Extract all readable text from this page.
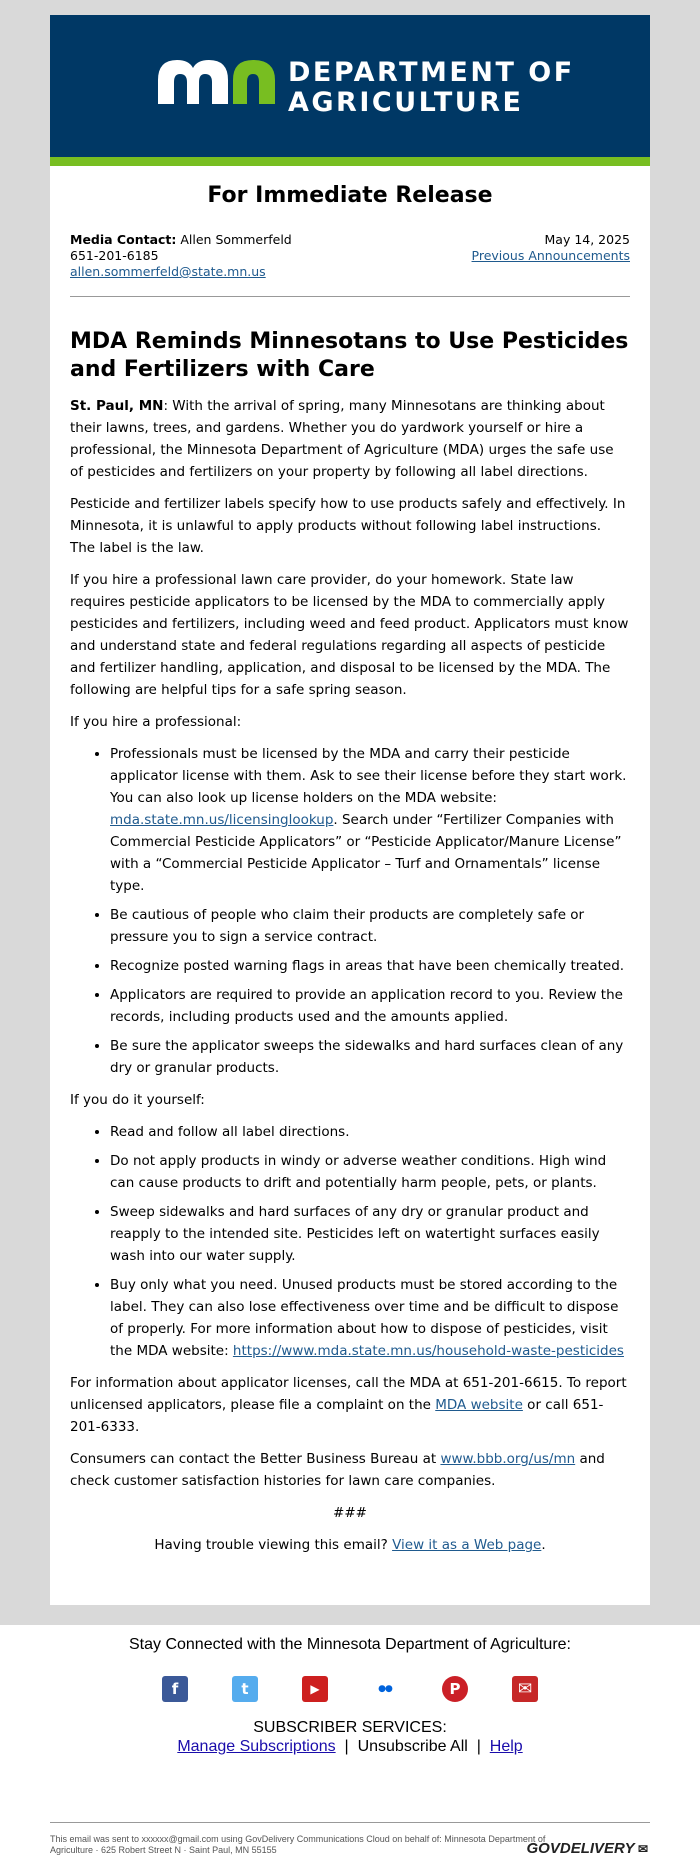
DEPARTMENT OF
AGRICULTURE
For Immediate Release
Media Contact: Allen Sommerfeld
651-201-6185
allen.sommerfeld@state.mn.us
May 14, 2025
Previous Announcements
MDA Reminds Minnesotans to Use Pesticides and Fertilizers with Care

St. Paul, MN: With the arrival of spring, many Minnesotans are thinking about their lawns, trees, and gardens. Whether you do yardwork yourself or hire a professional, the Minnesota Department of Agriculture (MDA) urges the safe use of pesticides and fertilizers on your property by following all label directions.

Pesticide and fertilizer labels specify how to use products safely and effectively. In Minnesota, it is unlawful to apply products without following label instructions. The label is the law.

If you hire a professional lawn care provider, do your homework. State law requires pesticide applicators to be licensed by the MDA to commercially apply pesticides and fertilizers, including weed and feed product. Applicators must know and understand state and federal regulations regarding all aspects of pesticide and fertilizer handling, application, and disposal to be licensed by the MDA. The following are helpful tips for a safe spring season.

If you hire a professional:

• Professionals must be licensed by the MDA and carry their pesticide applicator license with them. Ask to see their license before they start work. You can also look up license holders on the MDA website: mda.state.mn.us/licensinglookup. Search under “Fertilizer Companies with Commercial Pesticide Applicators” or “Pesticide Applicator/Manure License” with a “Commercial Pesticide Applicator – Turf and Ornamentals” license type.
• Be cautious of people who claim their products are completely safe or pressure you to sign a service contract.
• Recognize posted warning flags in areas that have been chemically treated.
• Applicators are required to provide an application record to you. Review the records, including products used and the amounts applied.
• Be sure the applicator sweeps the sidewalks and hard surfaces clean of any dry or granular products.

If you do it yourself:

• Read and follow all label directions.
• Do not apply products in windy or adverse weather conditions. High wind can cause products to drift and potentially harm people, pets, or plants.
• Sweep sidewalks and hard surfaces of any dry or granular product and reapply to the intended site. Pesticides left on watertight surfaces easily wash into our water supply.
• Buy only what you need. Unused products must be stored according to the label. They can also lose effectiveness over time and be difficult to dispose of properly. For more information about how to dispose of pesticides, visit the MDA website: https://www.mda.state.mn.us/household-waste-pesticides

For information about applicator licenses, call the MDA at 651-201-6615. To report unlicensed applicators, please file a complaint on the MDA website or call 651-201-6333.

Consumers can contact the Better Business Bureau at www.bbb.org/us/mn and check customer satisfaction histories for lawn care companies.

###

Having trouble viewing this email? View it as a Web page.

Stay Connected with the Minnesota Department of Agriculture:
f	t	▶	●●	P	✉
SUBSCRIBER SERVICES:
Manage Subscriptions | Unsubscribe All | Help
This email was sent to xxxxxx@gmail.com using GovDelivery Communications Cloud on behalf of: Minnesota Department of Agriculture · 625 Robert Street N · Saint Paul, MN 55155	GOVDELIVERY ✉
